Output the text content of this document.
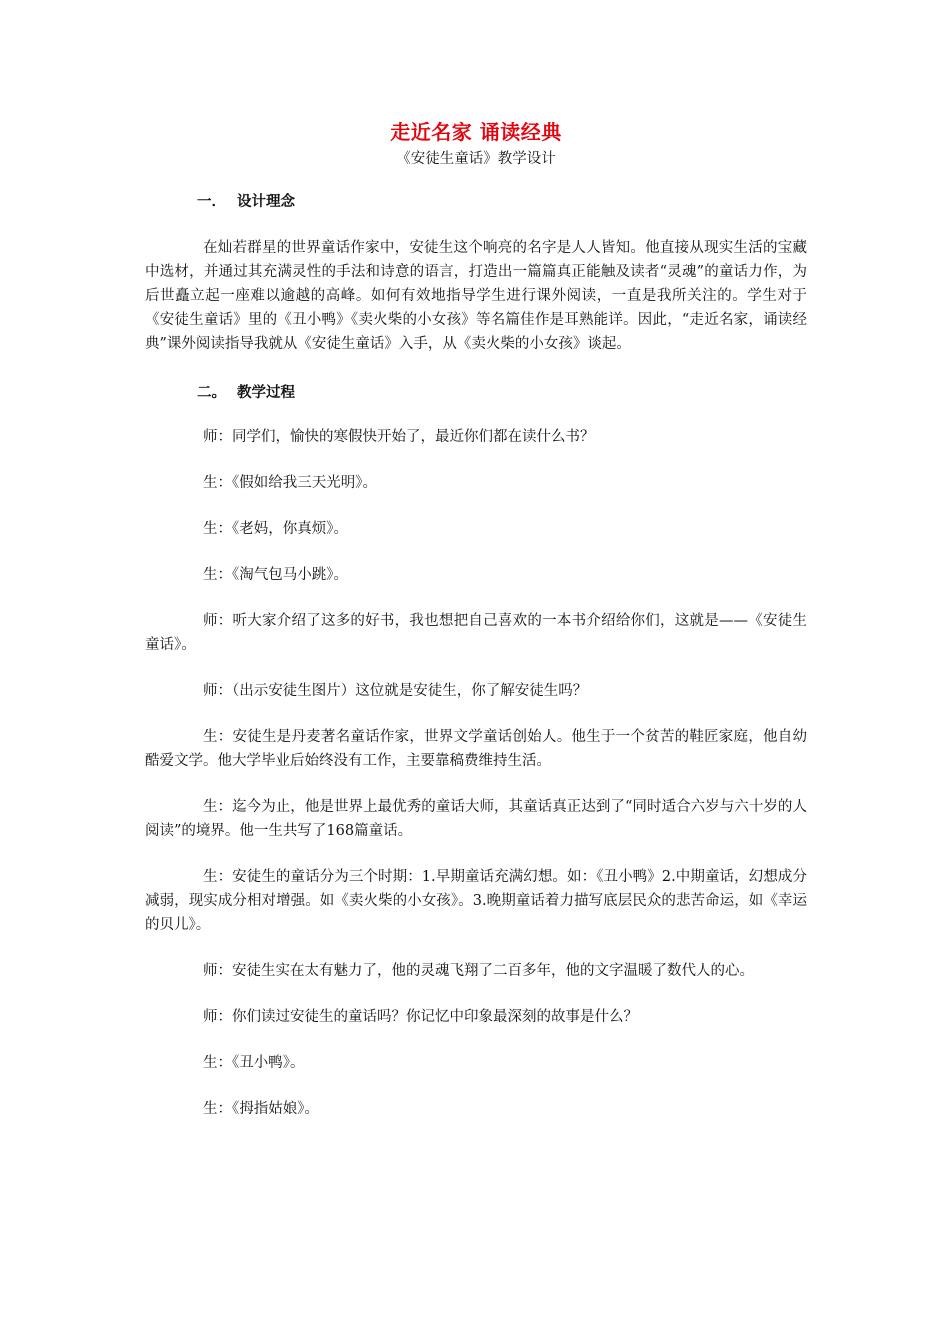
走近名家 诵读经典

《安徒生童话》教学设计

一． 设计理念

在灿若群星的世界童话作家中，安徒生这个响亮的名字是人人皆知。他直接从现实生活的宝藏中选材，并通过其充满灵性的手法和诗意的语言，打造出一篇篇真正能触及读者“灵魂”的童话力作，为后世矗立起一座难以逾越的高峰。如何有效地指导学生进行课外阅读，一直是我所关注的。学生对于《安徒生童话》里的《丑小鸭》《卖火柴的小女孩》等名篇佳作是耳熟能详。因此，“走近名家，诵读经典”课外阅读指导我就从《安徒生童话》入手，从《卖火柴的小女孩》谈起。

二。 教学过程

师：同学们，愉快的寒假快开始了，最近你们都在读什么书？

生：《假如给我三天光明》。

生：《老妈，你真烦》。

生：《淘气包马小跳》。

师：听大家介绍了这多的好书，我也想把自己喜欢的一本书介绍给你们，这就是——《安徒生童话》。

师：（出示安徒生图片）这位就是安徒生，你了解安徒生吗？

生：安徒生是丹麦著名童话作家，世界文学童话创始人。他生于一个贫苦的鞋匠家庭，他自幼酷爱文学。他大学毕业后始终没有工作，主要靠稿费维持生活。

生：迄今为止，他是世界上最优秀的童话大师，其童话真正达到了“同时适合六岁与六十岁的人阅读”的境界。他一生共写了168篇童话。

生：安徒生的童话分为三个时期：1.早期童话充满幻想。如：《丑小鸭》2.中期童话，幻想成分减弱，现实成分相对增强。如《卖火柴的小女孩》。3.晚期童话着力描写底层民众的悲苦命运，如《幸运的贝儿》。

师：安徒生实在太有魅力了，他的灵魂飞翔了二百多年，他的文字温暖了数代人的心。

师：你们读过安徒生的童话吗？你记忆中印象最深刻的故事是什么？

生：《丑小鸭》。

生：《拇指姑娘》。
